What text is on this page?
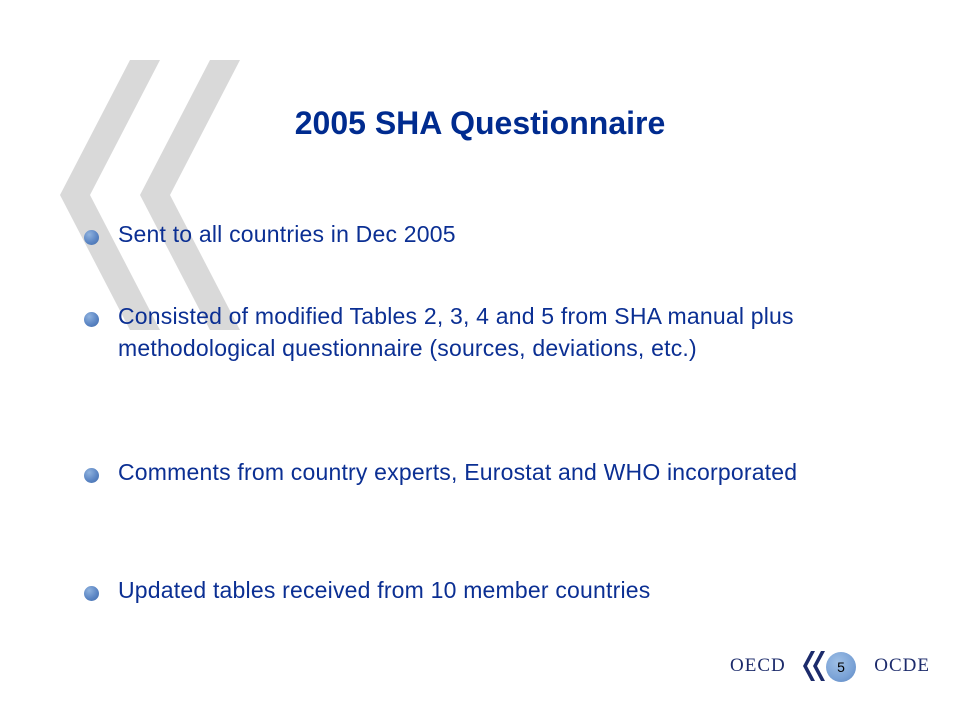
2005 SHA Questionnaire
Sent to all countries in Dec 2005
Consisted of modified Tables 2, 3, 4 and 5 from SHA manual plus methodological questionnaire (sources, deviations, etc.)
Comments from country experts, Eurostat and WHO incorporated
Updated tables received from 10 member countries
OECD	5	OCDE
